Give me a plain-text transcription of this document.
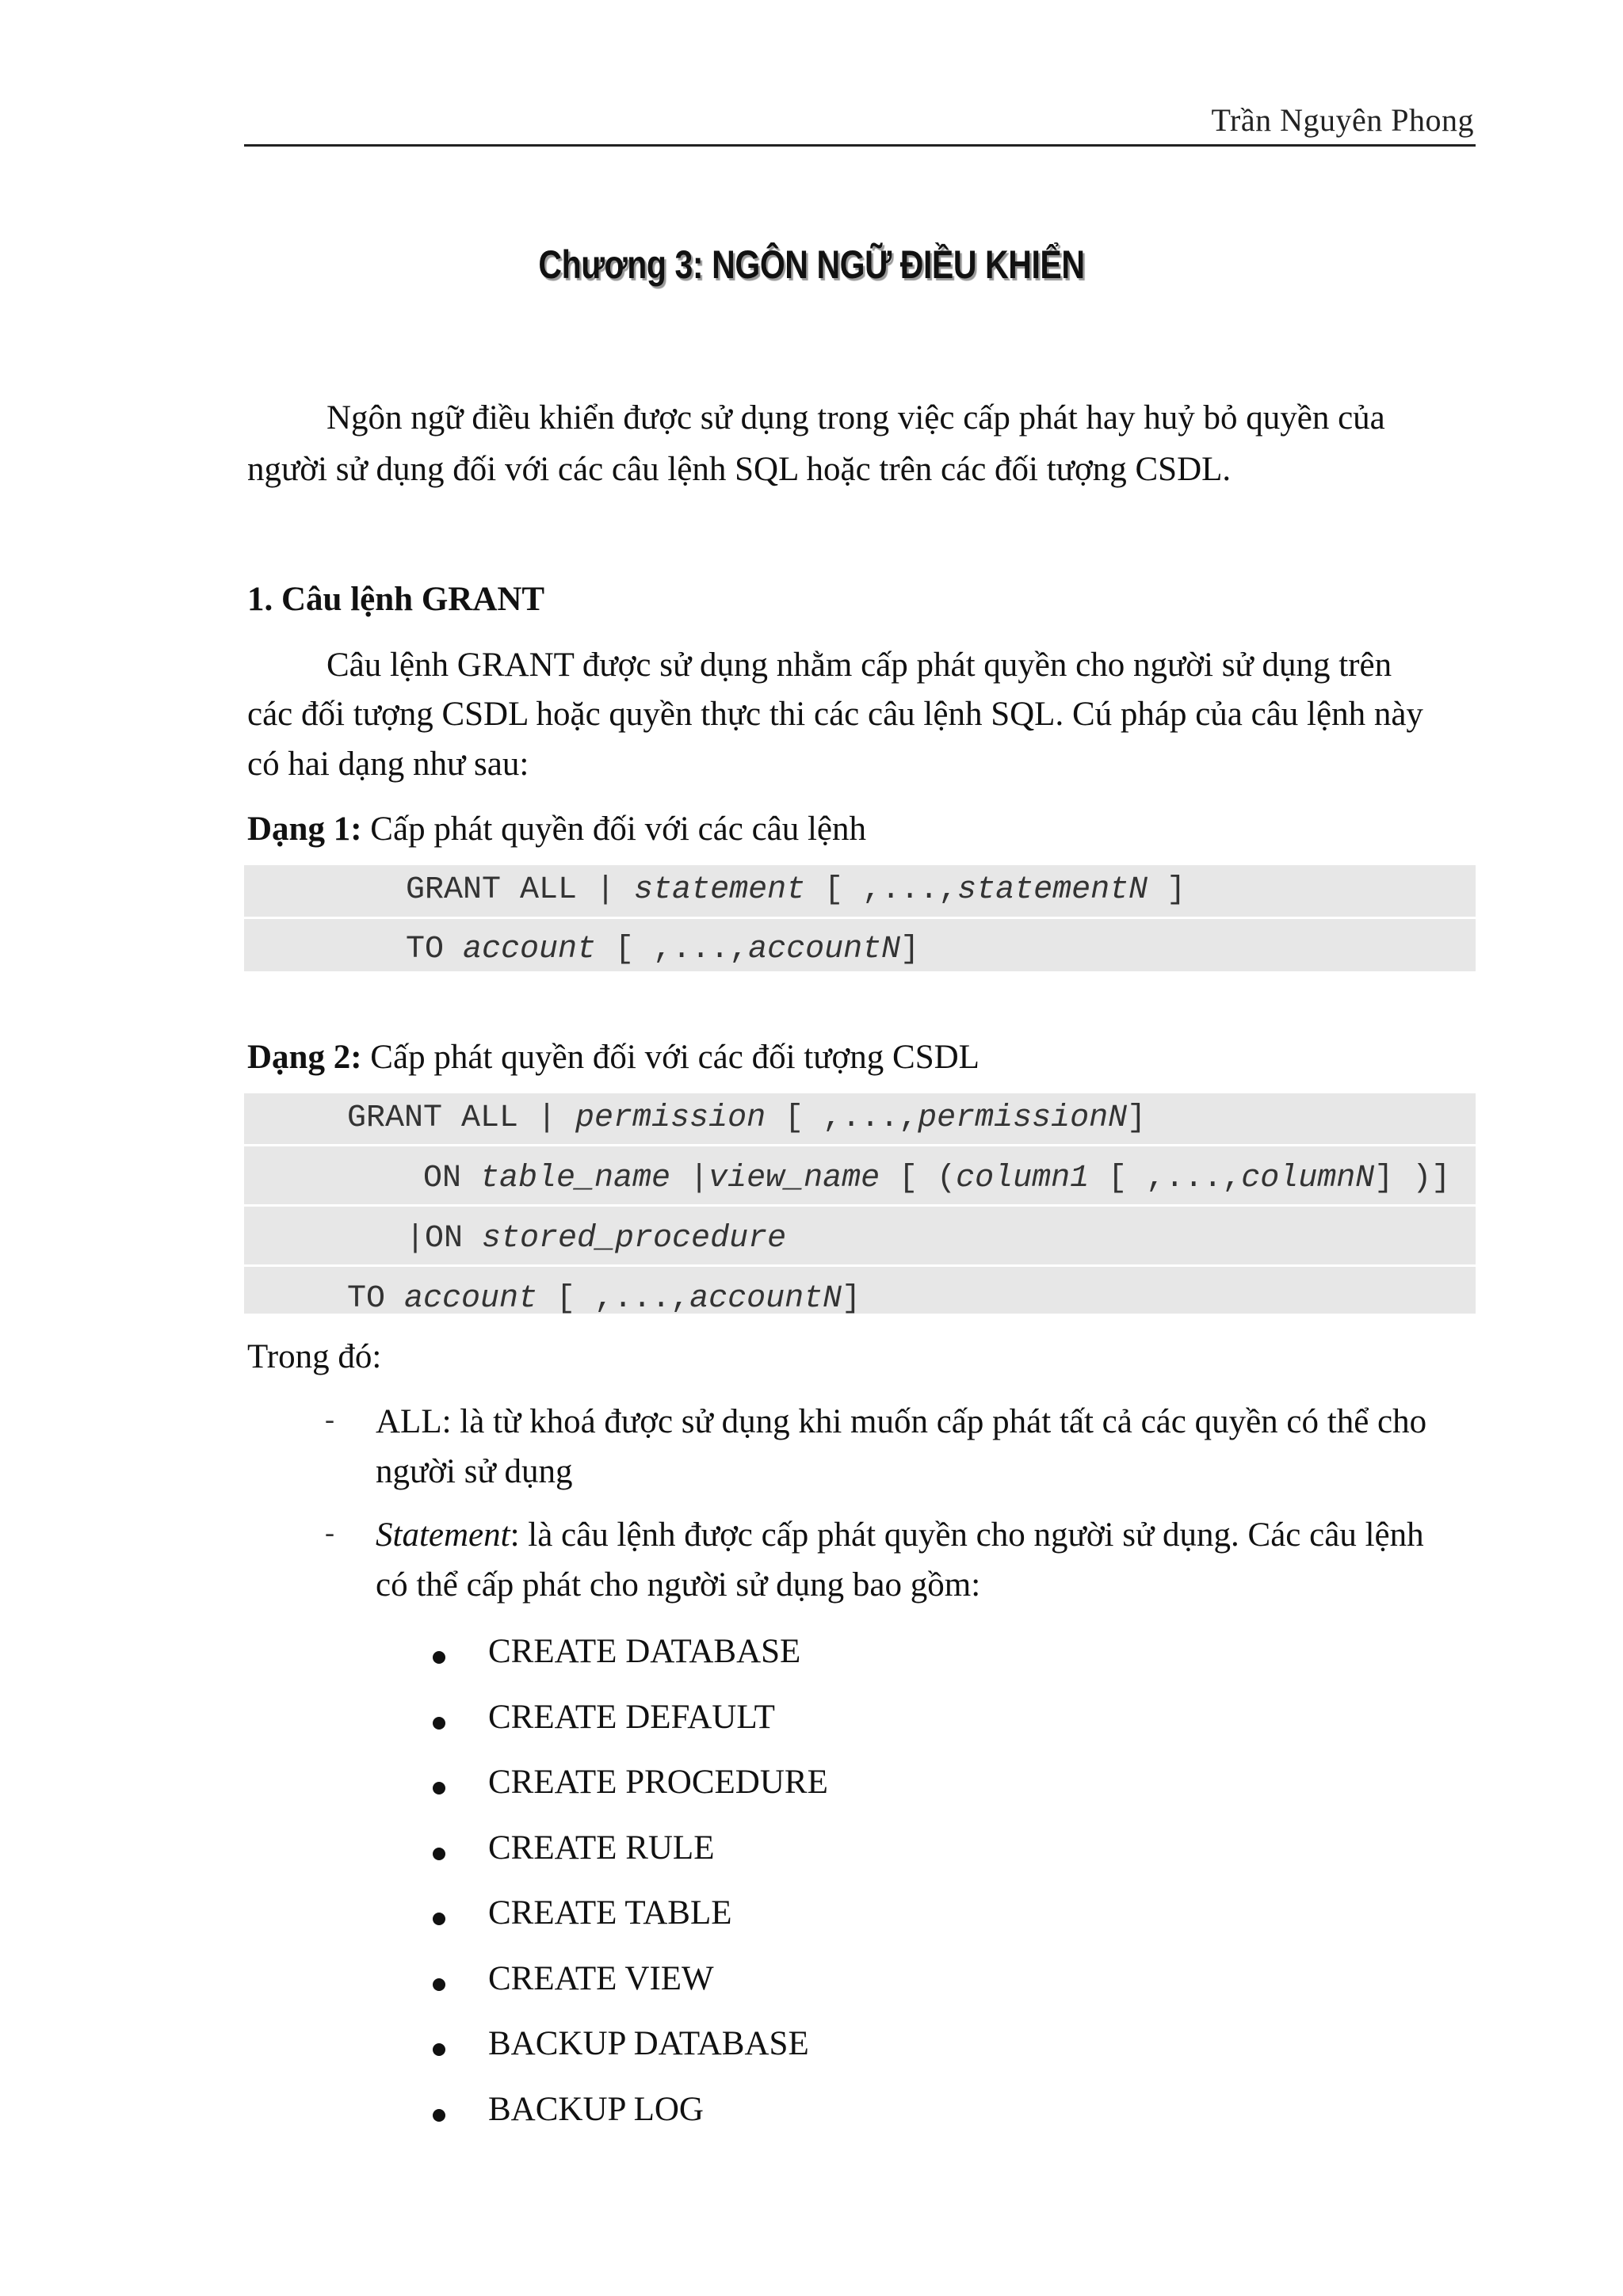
Trần Nguyên Phong
Chương 3: NGÔN NGỮ ĐIỀU KHIỂN
Ngôn ngữ điều khiển được sử dụng trong việc cấp phát hay huỷ bỏ quyền của
người sử dụng đối với các câu lệnh SQL hoặc trên các đối tượng CSDL.
1. Câu lệnh GRANT
Câu lệnh GRANT được sử dụng nhằm cấp phát quyền cho người sử dụng trên
các đối tượng CSDL hoặc quyền thực thi các câu lệnh SQL. Cú pháp của câu lệnh này
có hai dạng như sau:
Dạng 1: Cấp phát quyền đối với các câu lệnh
GRANT ALL | statement [ ,...,statementN ]
TO account [ ,...,accountN]
Dạng 2: Cấp phát quyền đối với các đối tượng CSDL
GRANT ALL | permission [ ,...,permissionN]
ON table_name |view_name [ (column1 [ ,...,columnN] )]
|ON stored_procedure
TO account [ ,...,accountN]
Trong đó:
- ALL: là từ khoá được sử dụng khi muốn cấp phát tất cả các quyền có thể cho
người sử dụng
- Statement: là câu lệnh được cấp phát quyền cho người sử dụng. Các câu lệnh
có thể cấp phát cho người sử dụng bao gồm:
CREATE DATABASE
CREATE DEFAULT
CREATE PROCEDURE
CREATE RULE
CREATE TABLE
CREATE VIEW
BACKUP DATABASE
BACKUP LOG
